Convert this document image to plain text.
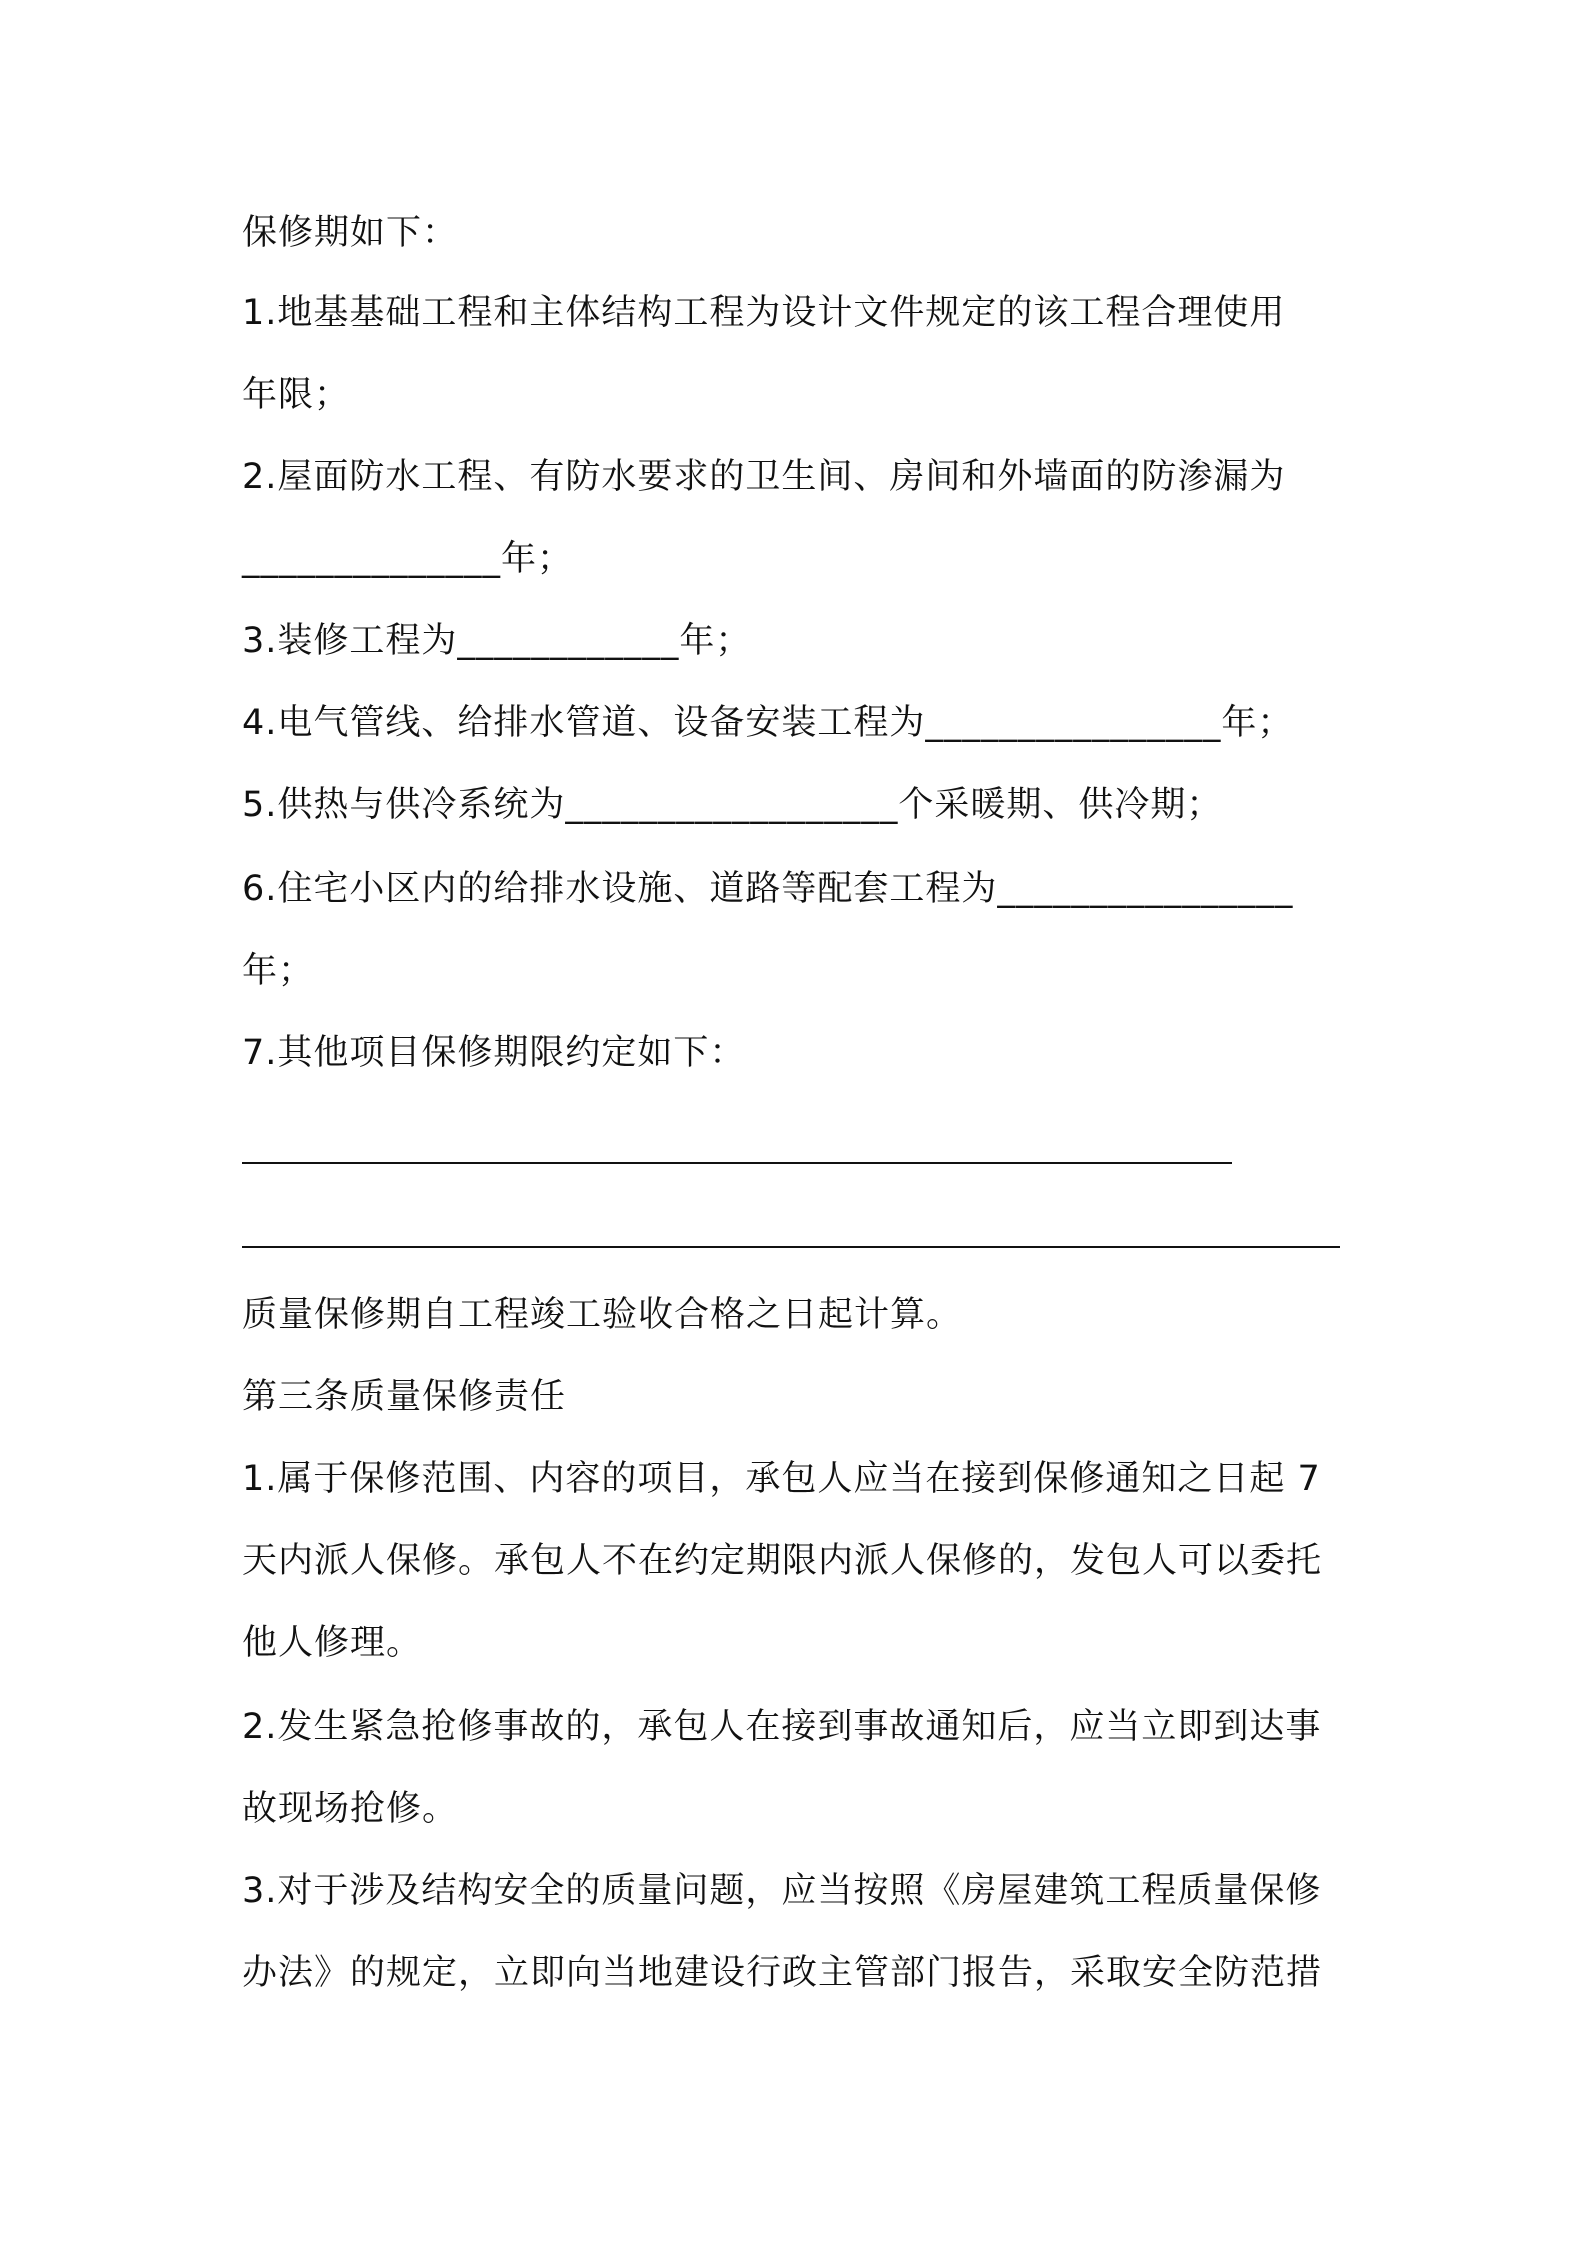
保修期如下：
1.地基基础工程和主体结构工程为设计文件规定的该工程合理使用
年限；
2.屋面防水工程、有防水要求的卫生间、房间和外墙面的防渗漏为
______________年；
3.装修工程为____________年；
4.电气管线、给排水管道、设备安装工程为________________年；
5.供热与供冷系统为__________________个采暖期、供冷期；
6.住宅小区内的给排水设施、道路等配套工程为________________
年；
7.其他项目保修期限约定如下：
质量保修期自工程竣工验收合格之日起计算。
第三条质量保修责任
1.属于保修范围、内容的项目，承包人应当在接到保修通知之日起 7
天内派人保修。承包人不在约定期限内派人保修的，发包人可以委托
他人修理。
2.发生紧急抢修事故的，承包人在接到事故通知后，应当立即到达事
故现场抢修。
3.对于涉及结构安全的质量问题，应当按照《房屋建筑工程质量保修
办法》的规定，立即向当地建设行政主管部门报告，采取安全防范措
